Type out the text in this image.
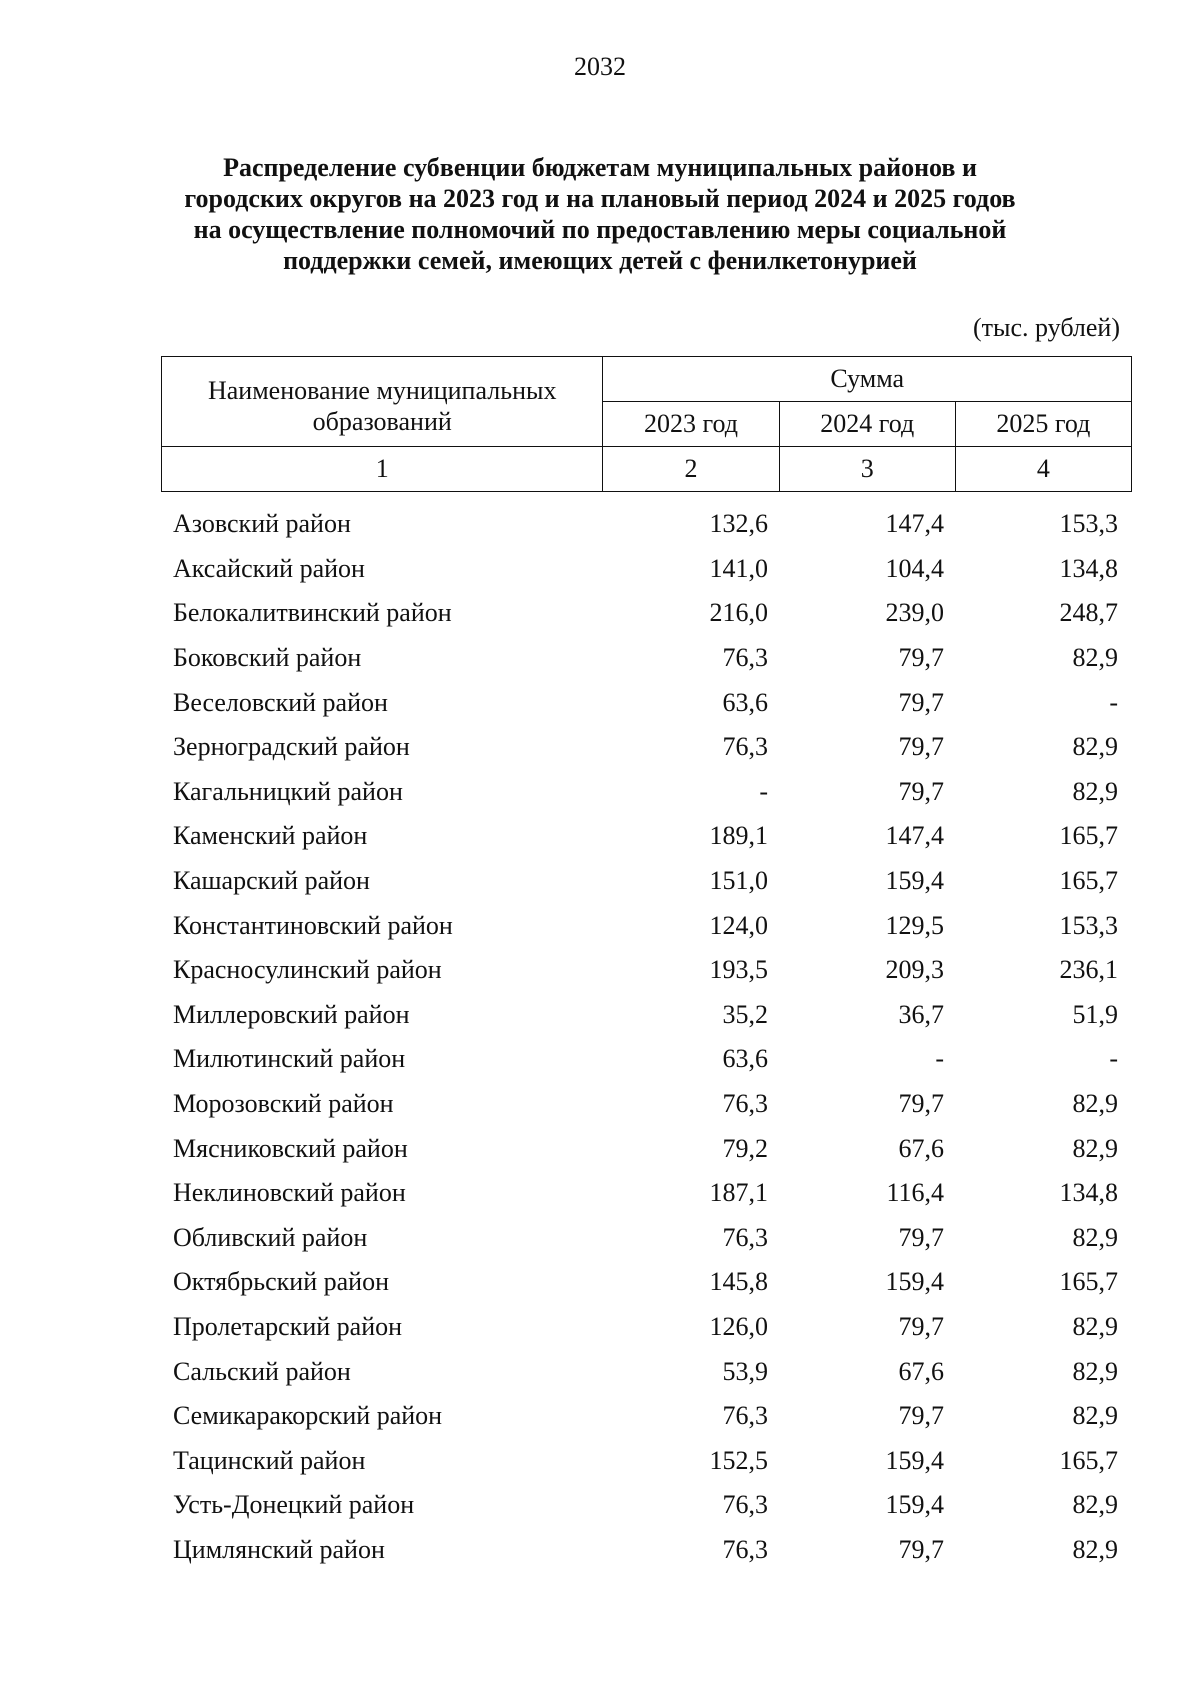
2032
Распределение субвенции бюджетам муниципальных районов и
городских округов на 2023 год и на плановый период 2024 и 2025 годов
на осуществление полномочий по предоставлению меры социальной
поддержки семей, имеющих детей с фенилкетонурией
(тыс. рублей)
Наименование муниципальных
образований	Сумма		
	2023 год	2024 год	2025 год
1	2	3	4
Азовский район	132,6	147,4	153,3
Аксайский район	141,0	104,4	134,8
Белокалитвинский район	216,0	239,0	248,7
Боковский район	76,3	79,7	82,9
Веселовский район	63,6	79,7	-
Зерноградский район	76,3	79,7	82,9
Кагальницкий район	-	79,7	82,9
Каменский район	189,1	147,4	165,7
Кашарский район	151,0	159,4	165,7
Константиновский район	124,0	129,5	153,3
Красносулинский район	193,5	209,3	236,1
Миллеровский район	35,2	36,7	51,9
Милютинский район	63,6	-	-
Морозовский район	76,3	79,7	82,9
Мясниковский район	79,2	67,6	82,9
Неклиновский район	187,1	116,4	134,8
Обливский район	76,3	79,7	82,9
Октябрьский район	145,8	159,4	165,7
Пролетарский район	126,0	79,7	82,9
Сальский район	53,9	67,6	82,9
Семикаракорский район	76,3	79,7	82,9
Тацинский район	152,5	159,4	165,7
Усть-Донецкий район	76,3	159,4	82,9
Цимлянский район	76,3	79,7	82,9
